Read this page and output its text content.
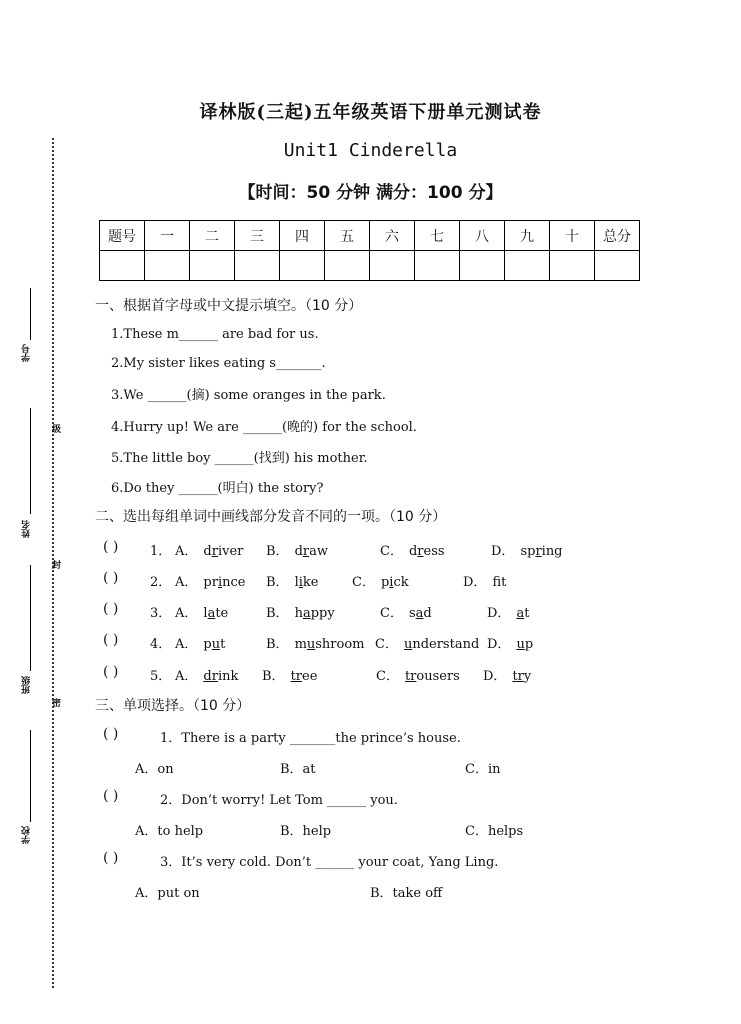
学号
姓名
班级
学校
级
封
密
译林版(三起)五年级英语下册单元测试卷
Unit1 Cinderella
【时间：50 分钟 满分：100 分】
题号	一	二	三	四	五	六	七	八	九	十	总分

一、根据首字母或中文提示填空。（10 分）
1.These m______ are bad for us.
2.My sister likes eating s_______.
3.We ______(摘) some oranges in the park.
4.Hurry up! We are ______(晚的) for the school.
5.The little boy ______(找到) his mother.
6.Do they ______(明白) the story?
二、选出每组单词中画线部分发音不同的一项。（10 分）
( ) 1． A． driver B． draw	C． dress	D． spring
( ) 2． A． prince B． like	C． pick	D． ft
( ) 3． A． late	B． happy	C． sad	D． at
( ) 4． A． put	B． mushroom C． understand D． up
( ) 5． A． drink B． tree	C． trousers D． try
三、单项选择。（10 分）
( )	1．There is a party _______the prince’s house.
A．on	B．at	C．in
( )	2．Don’t worry! Let Tom ______ you.
A．to help	B．help	C．helps
( )	3．It’s very cold. Don’t ______ your coat, Yang Ling.
A．put on	B．take off
